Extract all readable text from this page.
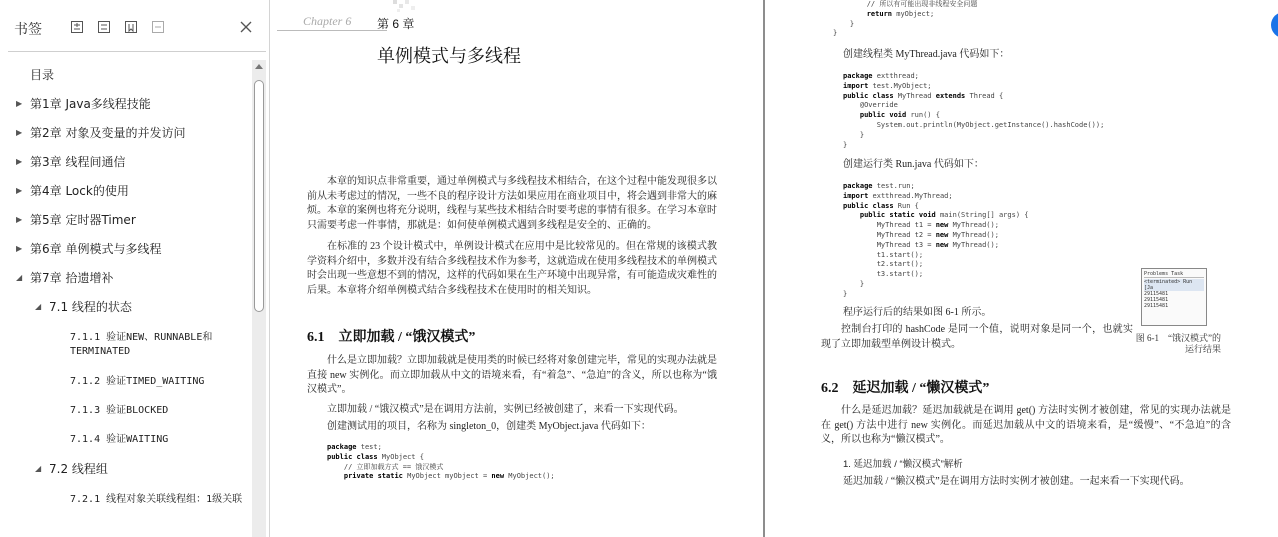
书签
目录
▶ 第1章 Java多线程技能
▶ 第2章 对象及变量的并发访问
▶ 第3章 线程间通信
▶ 第4章 Lock的使用
▶ 第5章 定时器Timer
▶ 第6章 单例模式与多线程
◢ 第7章 拾遗增补
◢ 7.1 线程的状态
7.1.1 验证NEW、RUNNABLE和TERMINATED
7.1.2 验证TIMED_WAITING
7.1.3 验证BLOCKED
7.1.4 验证WAITING
◢ 7.2 线程组
7.2.1 线程对象关联线程组：1级关联
Chapter 6 第 6 章
单例模式与多线程
本章的知识点非常重要，通过单例模式与多线程技术相结合，在这个过程中能发现很多以前从未考虑过的情况，一些不良的程序设计方法如果应用在商业项目中，将会遇到非常大的麻烦。本章的案例也将充分说明，线程与某些技术相结合时要考虑的事情有很多。在学习本章时只需要考虑一件事情，那就是：如何使单例模式遇到多线程是安全的、正确的。
在标准的 23 个设计模式中，单例设计模式在应用中是比较常见的。但在常规的该模式教学资料介绍中，多数并没有结合多线程技术作为参考，这就造成在使用多线程技术的单例模式时会出现一些意想不到的情况，这样的代码如果在生产环境中出现异常，有可能造成灾难性的后果。本章将介绍单例模式结合多线程技术在使用时的相关知识。
6.1　立即加载 / “饿汉模式”
什么是立即加载？立即加载就是使用类的时候已经将对象创建完毕，常见的实现办法就是直接 new 实例化。而立即加载从中文的语境来看，有“着急”、“急迫”的含义，所以也称为“饿汉模式”。
立即加载 / “饿汉模式”是在调用方法前，实例已经被创建了，来看一下实现代码。
创建测试用的项目，名称为 singleton_0，创建类 MyObject.java 代码如下：
package test;
public class MyObject {
// 立即加载方式 == 饿汉模式
private static MyObject myObject = new MyObject();
// 所以有可能出现非线程安全问题
return myObject;
}
}
创建线程类 MyThread.java 代码如下：
package extthread;
import test.MyObject;
public class MyThread extends Thread {
@Override
public void run() {
System.out.println(MyObject.getInstance().hashCode());
}
}
创建运行类 Run.java 代码如下：
package test.run;
import extthread.MyThread;
public class Run {
public static void main(String[] args) {
MyThread t1 = new MyThread();
MyThread t2 = new MyThread();
MyThread t3 = new MyThread();
t1.start();
t2.start();
t3.start();
}
}
Problems Task
<terminated> Run [Ja
29115481
29115481
29115481
图 6-1　“饿汉模式”的运行结果
程序运行后的结果如图 6-1 所示。
控制台打印的 hashCode 是同一个值，说明对象是同一个，也就实现了立即加载型单例设计模式。
6.2　延迟加载 / “懒汉模式”
什么是延迟加载？延迟加载就是在调用 get() 方法时实例才被创建，常见的实现办法就是在 get() 方法中进行 new 实例化。而延迟加载从中文的语境来看，是“缓慢”、“不急迫”的含义，所以也称为“懒汉模式”。
1. 延迟加载 / “懒汉模式”解析
延迟加载 / “懒汉模式”是在调用方法时实例才被创建。一起来看一下实现代码。
